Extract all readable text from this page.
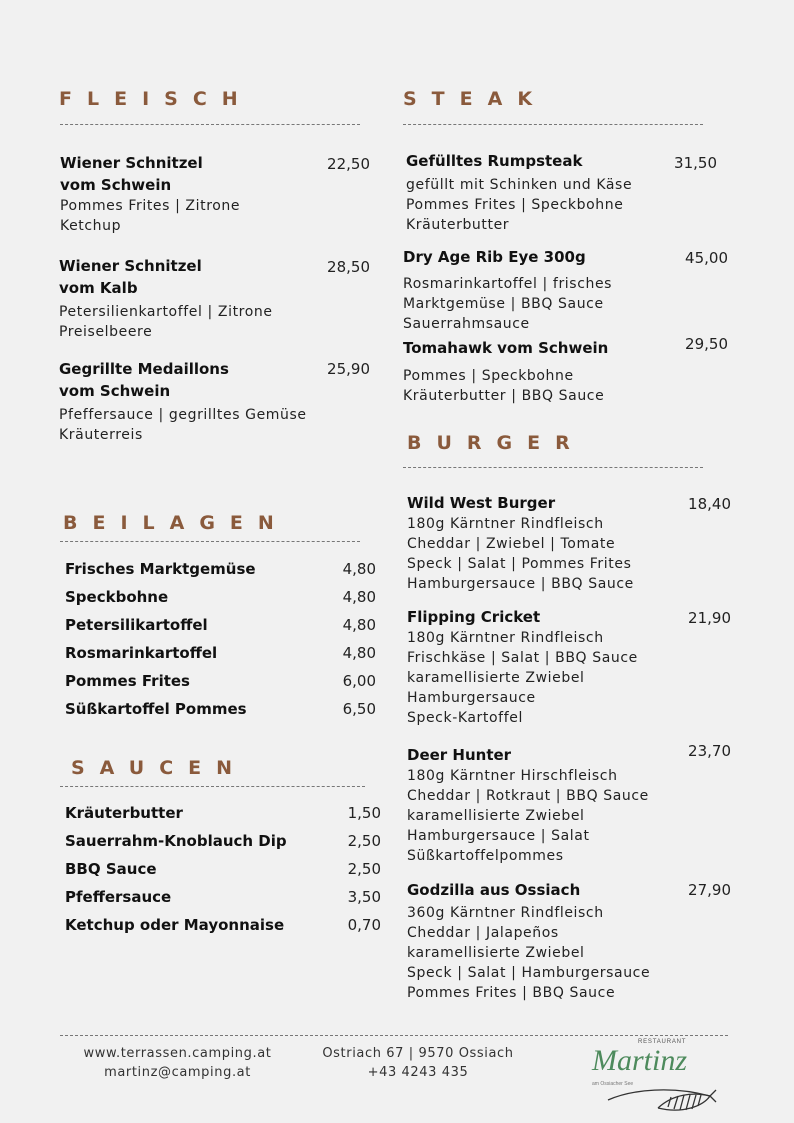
FLEISCH
Wiener Schnitzel
vom Schwein
Pommes Frites | Zitrone
Ketchup
22,50
Wiener Schnitzel
vom Kalb
Petersilienkartoffel | Zitrone
Preiselbeere
28,50
Gegrillte Medaillons
vom Schwein
Pfeffersauce | gegrilltes Gemüse
Kräuterreis
25,90
STEAK
Gefülltes Rumpsteak
gefüllt mit Schinken und Käse
Pommes Frites | Speckbohne
Kräuterbutter
31,50
Dry Age Rib Eye 300g
Rosmarinkartoffel | frisches
Marktgemüse | BBQ Sauce
Sauerrahmsauce
45,00
Tomahawk vom Schwein
Pommes | Speckbohne
Kräuterbutter | BBQ Sauce
29,50
BURGER
Wild West Burger
180g Kärntner Rindfleisch
Cheddar | Zwiebel | Tomate
Speck | Salat | Pommes Frites
Hamburgersauce | BBQ Sauce
18,40
Flipping Cricket
180g Kärntner Rindfleisch
Frischkäse | Salat | BBQ Sauce
karamellisierte Zwiebel
Hamburgersauce
Speck-Kartoffel
21,90
Deer Hunter
180g Kärntner Hirschfleisch
Cheddar | Rotkraut | BBQ Sauce
karamellisierte Zwiebel
Hamburgersauce | Salat
Süßkartoffelpommes
23,70
Godzilla aus Ossiach
360g Kärntner Rindfleisch
Cheddar | Jalapeños
karamellisierte Zwiebel
Speck | Salat | Hamburgersauce
Pommes Frites | BBQ Sauce
27,90
BEILAGEN
Frisches Marktgemüse	4,80
Speckbohne	4,80
Petersilikartoffel	4,80
Rosmarinkartoffel	4,80
Pommes Frites	6,00
Süßkartoffel Pommes	6,50
SAUCEN
Kräuterbutter	1,50
Sauerrahm-Knoblauch Dip	2,50
BBQ Sauce	2,50
Pfeffersauce	3,50
Ketchup oder Mayonnaise	0,70
www.terrassen.camping.at
martinz@camping.at
Ostriach 67 | 9570 Ossiach
+43 4243 435
RESTAURANT
Martinz
am Ossiacher See
